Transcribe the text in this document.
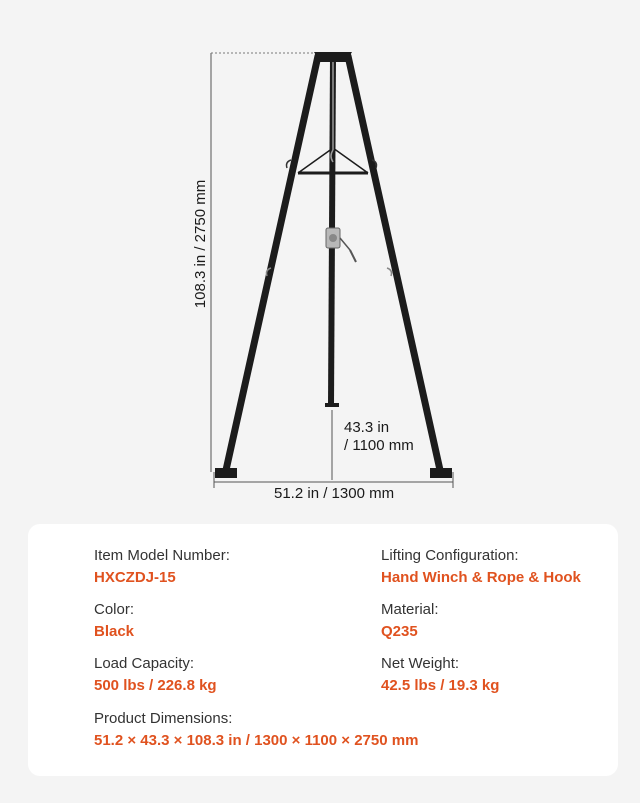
108.3 in / 2750 mm
43.3 in
/ 1100 mm
51.2 in / 1300 mm
Item Model Number:
HXCZDJ-15
Lifting Configuration:
Hand Winch & Rope & Hook
Color:
Black
Material:
Q235
Load Capacity:
500 lbs / 226.8 kg
Net Weight:
42.5 lbs / 19.3 kg
Product Dimensions:
51.2 × 43.3 × 108.3 in / 1300 × 1100 × 2750 mm
